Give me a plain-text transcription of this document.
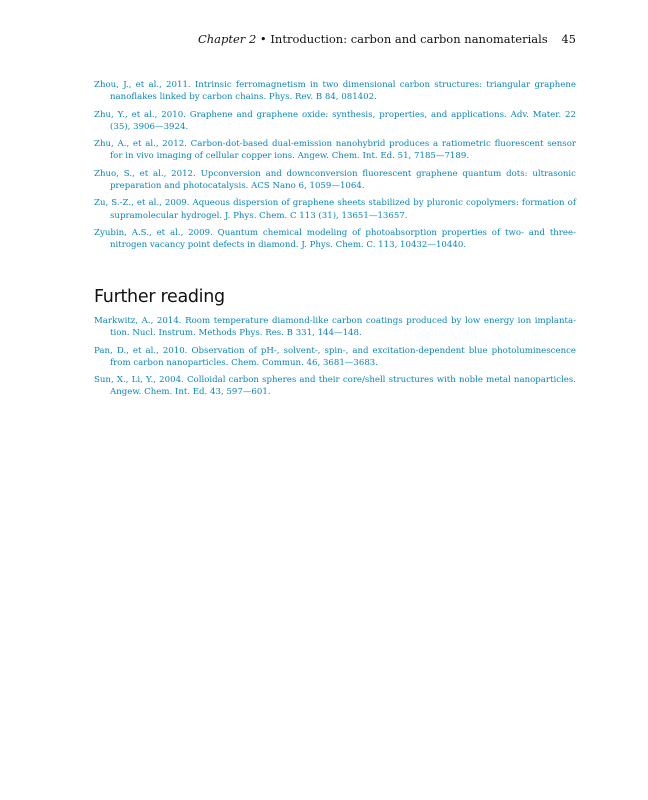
Chapter 2 • Introduction: carbon and carbon nanomaterials 45
Zhou, J., et al., 2011. Intrinsic ferromagnetism in two dimensional carbon structures: triangular graphene nanoflakes linked by carbon chains. Phys. Rev. B 84, 081402.
Zhu, Y., et al., 2010. Graphene and graphene oxide: synthesis, properties, and applications. Adv. Mater. 22 (35), 3906—3924.
Zhu, A., et al., 2012. Carbon-dot-based dual-emission nanohybrid produces a ratiometric fluorescent sensor for in vivo imaging of cellular copper ions. Angew. Chem. Int. Ed. 51, 7185—7189.
Zhuo, S., et al., 2012. Upconversion and downconversion fluorescent graphene quantum dots: ultrasonic preparation and photocatalysis. ACS Nano 6, 1059—1064.
Zu, S.-Z., et al., 2009. Aqueous dispersion of graphene sheets stabilized by pluronic copolymers: formation of supramolecular hydrogel. J. Phys. Chem. C 113 (31), 13651—13657.
Zyubin, A.S., et al., 2009. Quantum chemical modeling of photoabsorption properties of two- and three-nitrogen vacancy point defects in diamond. J. Phys. Chem. C. 113, 10432—10440.
Further reading
Markwitz, A., 2014. Room temperature diamond-like carbon coatings produced by low energy ion implanta-tion. Nucl. Instrum. Methods Phys. Res. B 331, 144—148.
Pan, D., et al., 2010. Observation of pH-, solvent-, spin-, and excitation-dependent blue photoluminescence from carbon nanoparticles. Chem. Commun. 46, 3681—3683.
Sun, X., Li, Y., 2004. Colloidal carbon spheres and their core/shell structures with noble metal nanoparticles. Angew. Chem. Int. Ed. 43, 597—601.
